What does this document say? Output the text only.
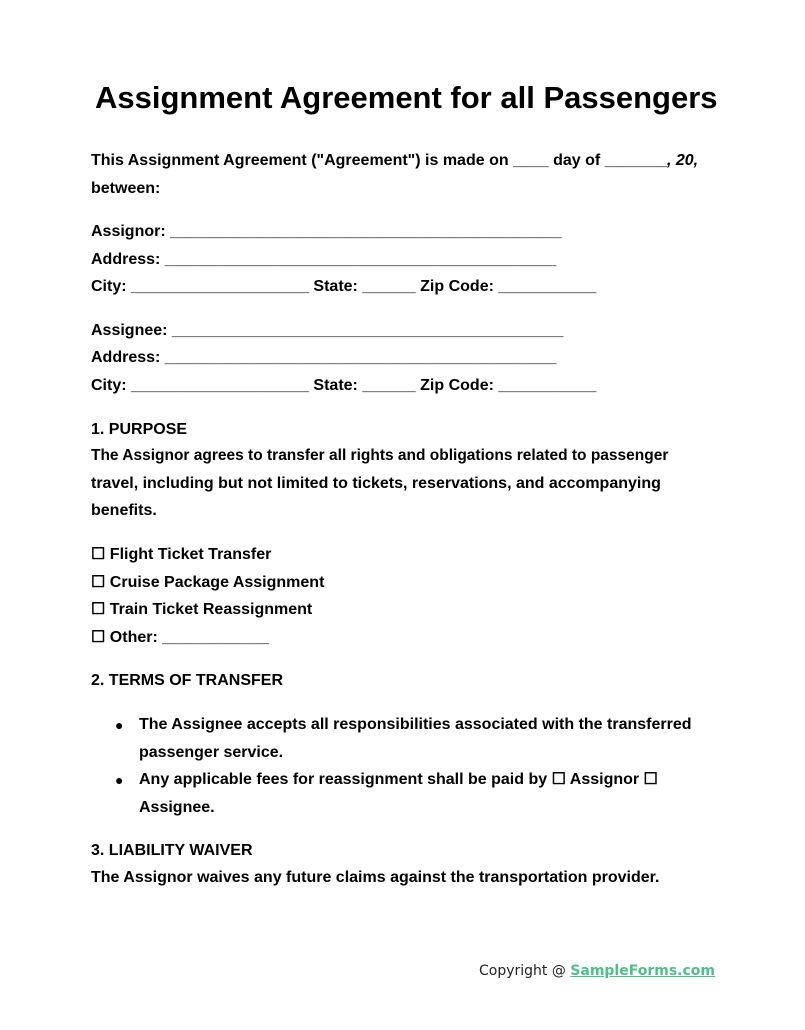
Assignment Agreement for all Passengers
This Assignment Agreement ("Agreement") is made on ____ day of _______, 20,
between:
Assignor: ____________________________________________
Address: ____________________________________________
City: ____________________ State: ______ Zip Code: ___________
Assignee: ____________________________________________
Address: ____________________________________________
City: ____________________ State: ______ Zip Code: ___________
1. PURPOSE
The Assignor agrees to transfer all rights and obligations related to passenger
travel, including but not limited to tickets, reservations, and accompanying
benefits.
☐ Flight Ticket Transfer
☐ Cruise Package Assignment
☐ Train Ticket Reassignment
☐ Other: ____________
2. TERMS OF TRANSFER
● The Assignee accepts all responsibilities associated with the transferred
passenger service.
● Any applicable fees for reassignment shall be paid by ☐ Assignor ☐
Assignee.
3. LIABILITY WAIVER
The Assignor waives any future claims against the transportation provider.
Copyright @ SampleForms.com
